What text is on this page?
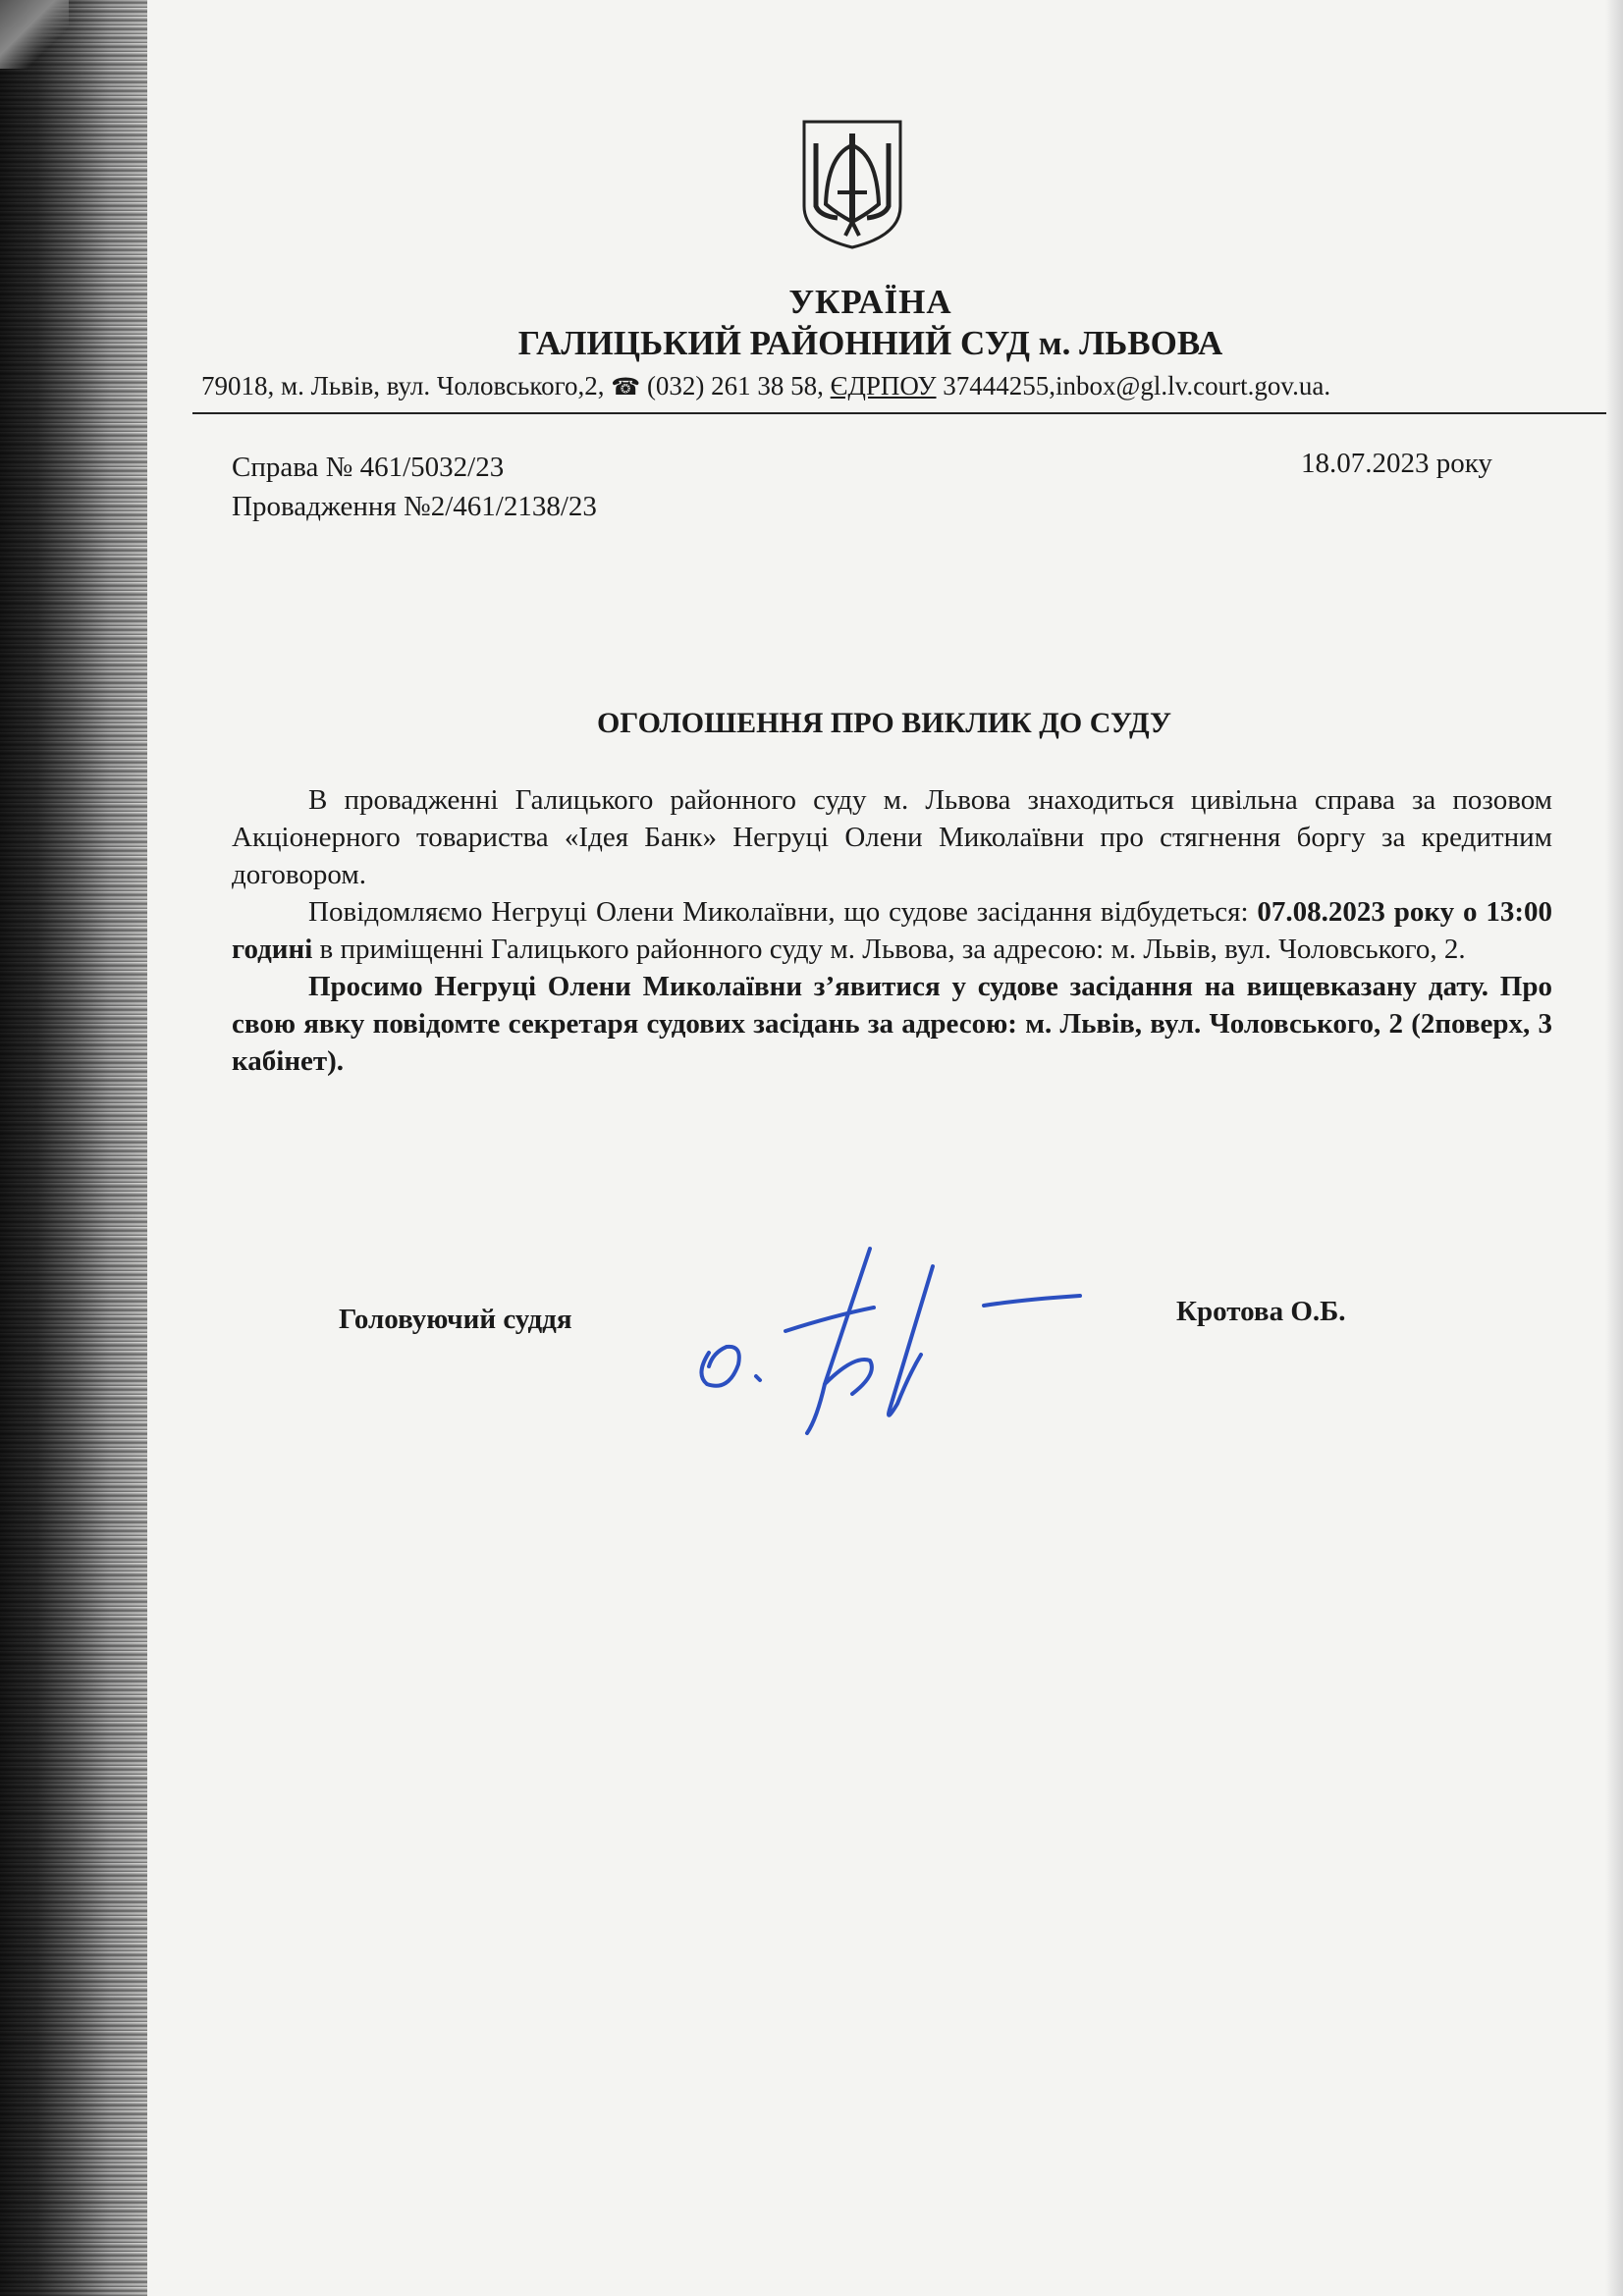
УКРАЇНА
ГАЛИЦЬКИЙ РАЙОННИЙ СУД м. ЛЬВОВА
79018, м. Львів, вул. Чоловського,2, ☎ (032) 261 38 58, ЄДРПОУ 37444255,inbox@gl.lv.court.gov.ua.
Справа № 461/5032/23
Провадження №2/461/2138/23
18.07.2023 року
ОГОЛОШЕННЯ ПРО ВИКЛИК ДО СУДУ

В провадженні Галицького районного суду м. Львова знаходиться цивільна справа за позовом Акціонерного товариства «Ідея Банк» Негруці Олени Миколаївни про стягнення боргу за кредитним договором.

Повідомляємо Негруці Олени Миколаївни, що судове засідання відбудеться: 07.08.2023 року о 13:00 годині в приміщенні Галицького районного суду м. Львова, за адресою: м. Львів, вул. Чоловського, 2.

Просимо Негруці Олени Миколаївни з’явитися у судове засідання на вищевказану дату. Про свою явку повідомте секретаря судових засідань за адресою: м. Львів, вул. Чоловського, 2 (2поверх, 3 кабінет).

Головуючий суддя	Кротова О.Б.
